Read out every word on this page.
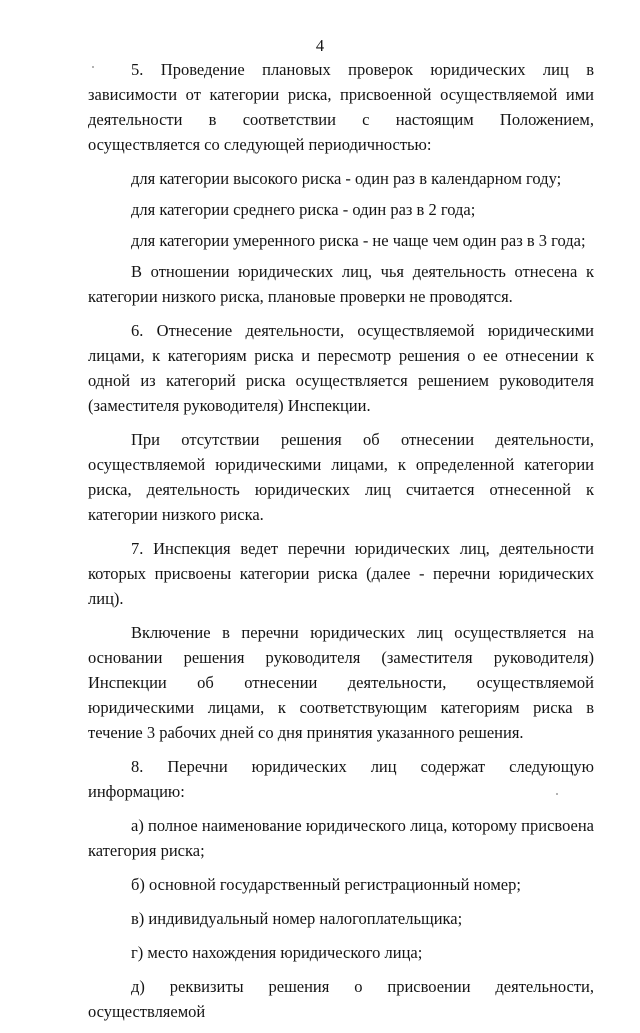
4

5. Проведение плановых проверок юридических лиц в зависимости от категории риска, присвоенной осуществляемой ими деятельности в соответствии с настоящим Положением, осуществляется со следующей периодичностью:

для категории высокого риска - один раз в календарном году;

для категории среднего риска - один раз в 2 года;

для категории умеренного риска - не чаще чем один раз в 3 года;

В отношении юридических лиц, чья деятельность отнесена к категории низкого риска, плановые проверки не проводятся.

6. Отнесение деятельности, осуществляемой юридическими лицами, к категориям риска и пересмотр решения о ее отнесении к одной из категорий риска осуществляется решением руководителя (заместителя руководителя) Инспекции.

При отсутствии решения об отнесении деятельности, осуществляемой юридическими лицами, к определенной категории риска, деятельность юридических лиц считается отнесенной к категории низкого риска.

7. Инспекция ведет перечни юридических лиц, деятельности которых присвоены категории риска (далее - перечни юридических лиц).

Включение в перечни юридических лиц осуществляется на основании решения руководителя (заместителя руководителя) Инспекции об отнесении деятельности, осуществляемой юридическими лицами, к соответствующим категориям риска в течение 3 рабочих дней со дня принятия указанного решения.

8. Перечни юридических лиц содержат следующую информацию:

а) полное наименование юридического лица, которому присвоена категория риска;

б) основной государственный регистрационный номер;

в) индивидуальный номер налогоплательщика;

г) место нахождения юридического лица;

д) реквизиты решения о присвоении деятельности, осуществляемой
